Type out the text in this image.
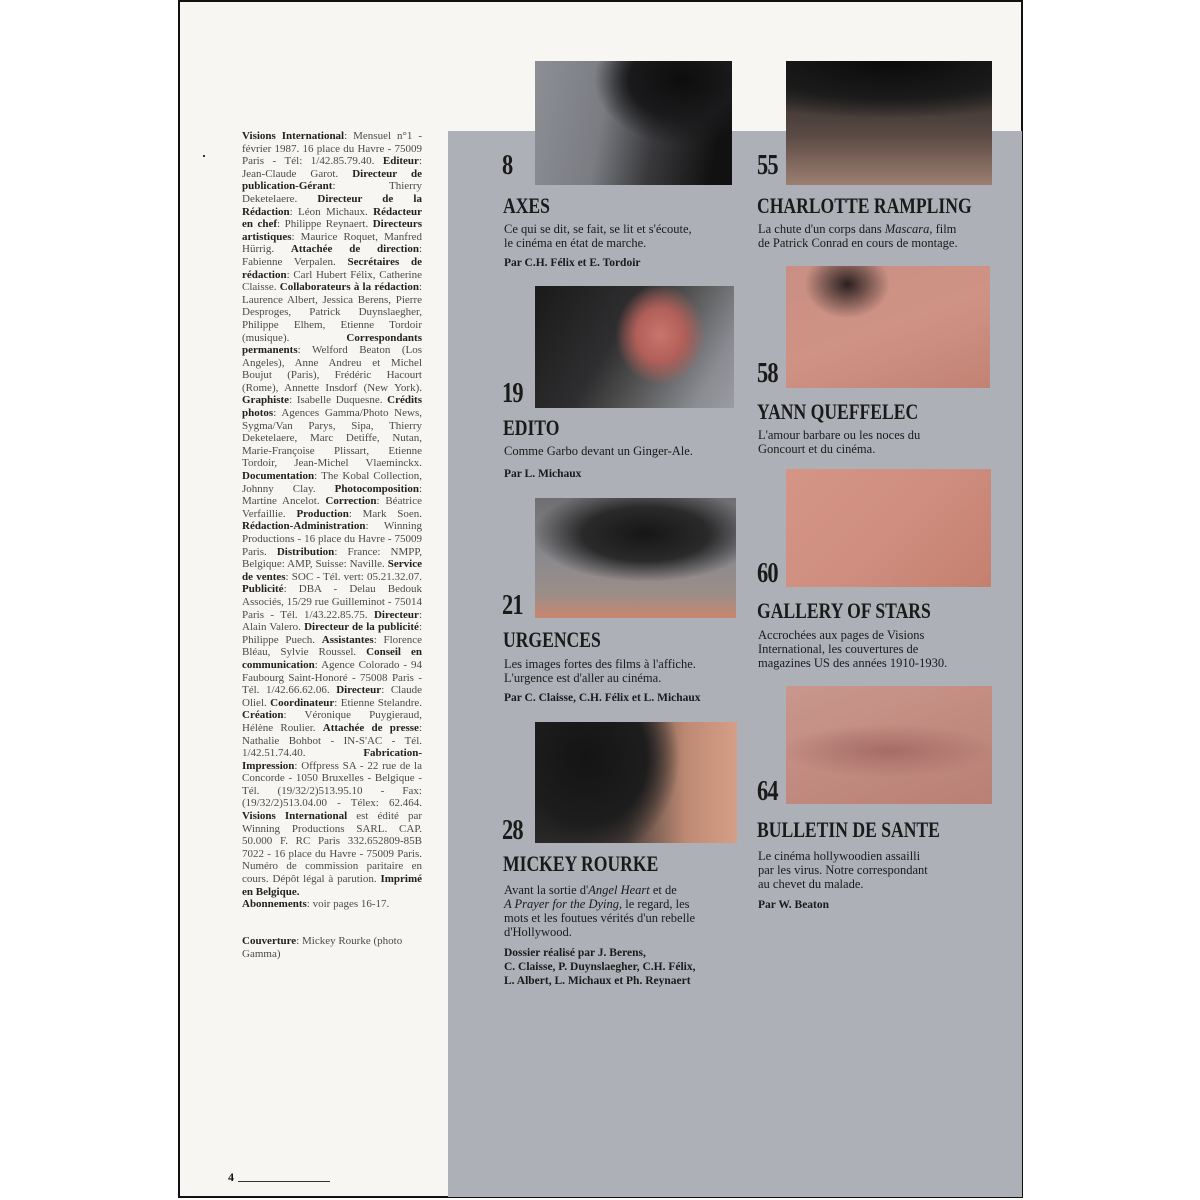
Visions International: Mensuel n°1 - février 1987. 16 place du Havre - 75009 Paris - Tél: 1/42.85.79.40. Editeur: Jean-Claude Garot. Directeur de publication-Gérant: Thierry Deketelaere. Directeur de la Rédaction: Léon Michaux. Rédacteur en chef: Philippe Reynaert. Directeurs artistiques: Maurice Roquet, Manfred Hürrig. Attachée de direction: Fabienne Verpalen. Secrétaires de rédaction: Carl Hubert Félix, Catherine Claisse. Collaborateurs à la rédaction: Laurence Albert, Jessica Berens, Pierre Desproges, Patrick Duynslaegher, Philippe Elhem, Etienne Tordoir (musique). Correspondants permanents: Welford Beaton (Los Angeles), Anne Andreu et Michel Boujut (Paris), Frédéric Hacourt (Rome), Annette Insdorf (New York). Graphiste: Isabelle Duquesne. Crédits photos: Agences Gamma/Photo News, Sygma/Van Parys, Sipa, Thierry Deketelaere, Marc Detiffe, Nutan, Marie-Françoise Plissart, Etienne Tordoir, Jean-Michel Vlaeminckx. Documentation: The Kobal Collection, Johnny Clay. Photocomposition: Martine Ancelot. Correction: Béatrice Verfaillie. Production: Mark Soen. Rédaction-Administration: Winning Productions - 16 place du Havre - 75009 Paris. Distribution: France: NMPP, Belgique: AMP, Suisse: Naville. Service de ventes: SOC - Tél. vert: 05.21.32.07. Publicité: DBA - Delau Bedouk Associés, 15/29 rue Guilleminot - 75014 Paris - Tél. 1/43.22.85.75. Directeur: Alain Valero. Directeur de la publicité: Philippe Puech. Assistantes: Florence Bléau, Sylvie Roussel. Conseil en communication: Agence Colorado - 94 Faubourg Saint-Honoré - 75008 Paris - Tél. 1/42.66.62.06. Directeur: Claude Oliel. Coordinateur: Etienne Stelandre. Création: Véronique Puygieraud, Hélène Roulier. Attachée de presse: Nathalie Bohbot - IN-S'AC - Tél. 1/42.51.74.40. Fabrication-Impression: Offpress SA - 22 rue de la Concorde - 1050 Bruxelles - Belgique - Tél. (19/32/2)513.95.10 - Fax: (19/32/2)513.04.00 - Télex: 62.464. Visions International est édité par Winning Productions SARL. CAP. 50.000 F. RC Paris 332.652809-85B 7022 - 16 place du Havre - 75009 Paris. Numéro de commission paritaire en cours. Dépôt légal à parution. Imprimé en Belgique.
Abonnements: voir pages 16-17.
Couverture: Mickey Rourke (photo Gamma)
8
AXES
Ce qui se dit, se fait, se lit et s'écoute,
le cinéma en état de marche.
Par C.H. Félix et E. Tordoir
19
EDITO
Comme Garbo devant un Ginger-Ale.
Par L. Michaux
21
URGENCES
Les images fortes des films à l'affiche.
L'urgence est d'aller au cinéma.
Par C. Claisse, C.H. Félix et L. Michaux
28
MICKEY ROURKE
Avant la sortie d'Angel Heart et de
A Prayer for the Dying, le regard, les
mots et les foutues vérités d'un rebelle
d'Hollywood.
Dossier réalisé par J. Berens,
C. Claisse, P. Duynslaegher, C.H. Félix,
L. Albert, L. Michaux et Ph. Reynaert
55
CHARLOTTE RAMPLING
La chute d'un corps dans Mascara, film
de Patrick Conrad en cours de montage.
58
YANN QUEFFELEC
L'amour barbare ou les noces du
Goncourt et du cinéma.
60
GALLERY OF STARS
Accrochées aux pages de Visions
International, les couvertures de
magazines US des années 1910-1930.
64
BULLETIN DE SANTE
Le cinéma hollywoodien assailli
par les virus. Notre correspondant
au chevet du malade.
Par W. Beaton
4
